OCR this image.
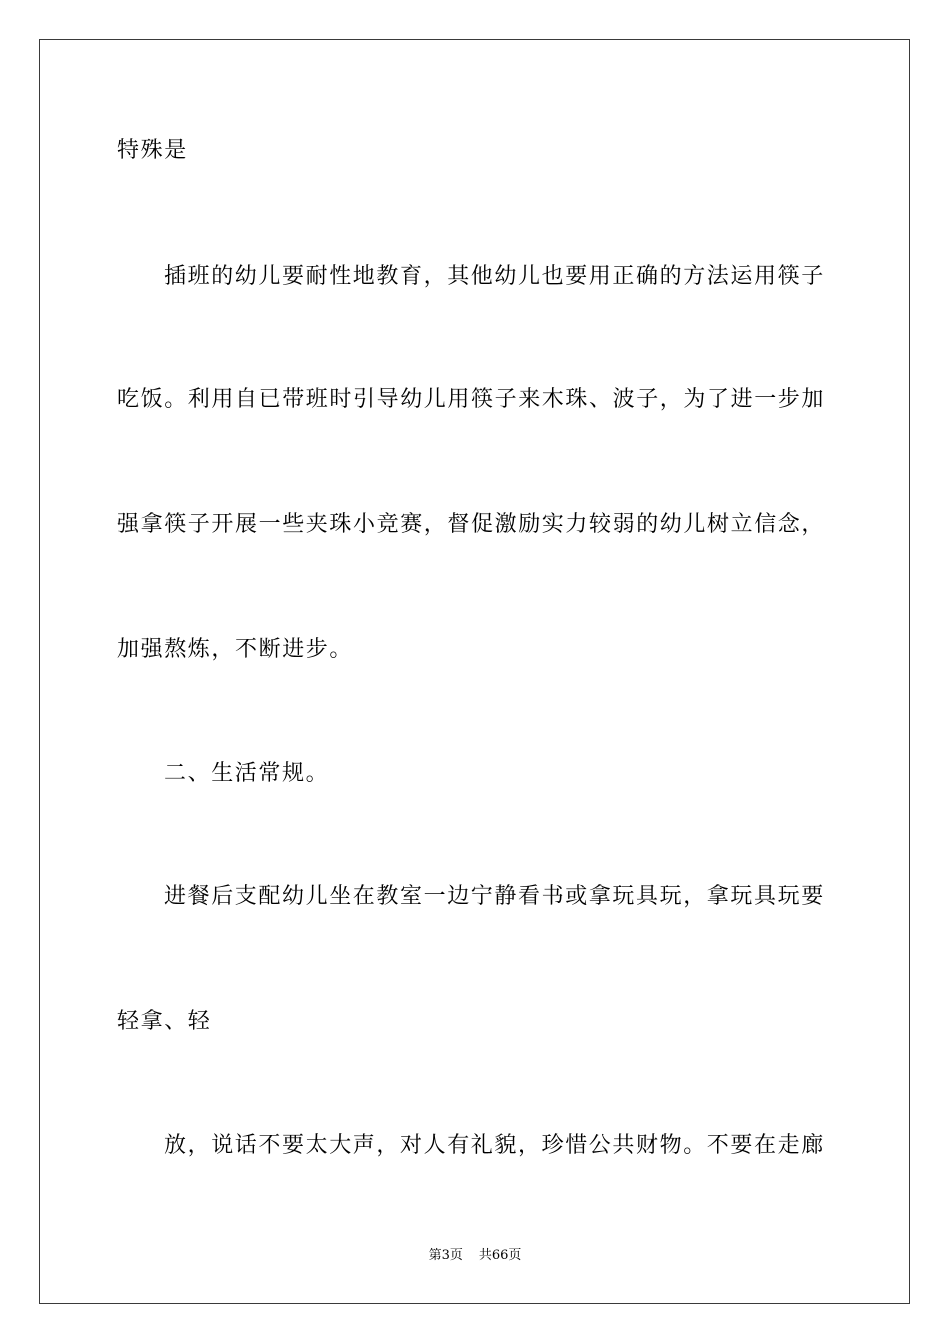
特殊是
插班的幼儿要耐性地教育，其他幼儿也要用正确的方法运用筷子
吃饭。利用自已带班时引导幼儿用筷子来木珠、波子，为了进一步加
强拿筷子开展一些夹珠小竞赛，督促激励实力较弱的幼儿树立信念，
加强熬炼，不断进步。
二、生活常规。
进餐后支配幼儿坐在教室一边宁静看书或拿玩具玩，拿玩具玩要
轻拿、轻
放，说话不要太大声，对人有礼貌，珍惜公共财物。不要在走廊
第3页 共66页
